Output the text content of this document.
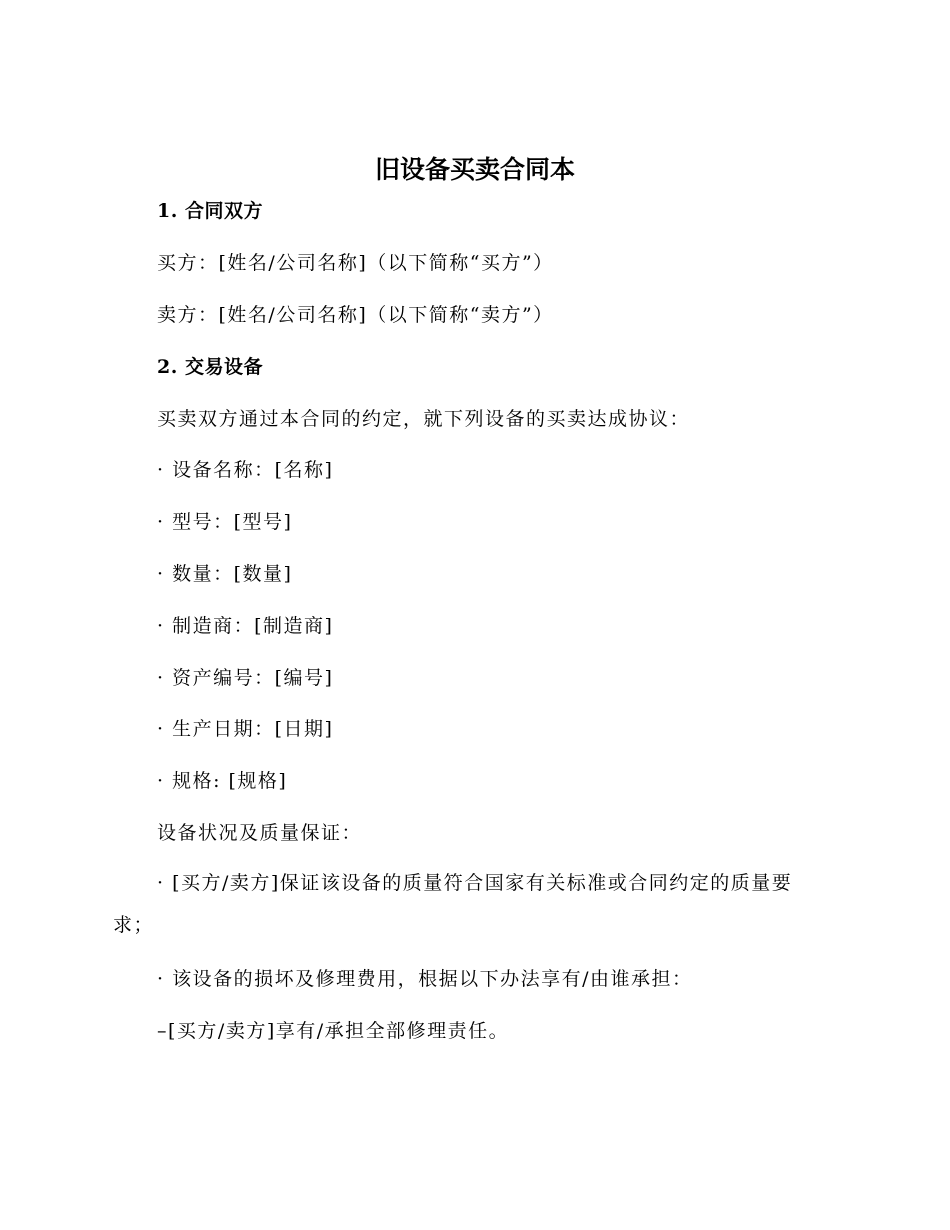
旧设备买卖合同本
1. 合同双方
买方：[姓名/公司名称]（以下简称“买方”）
卖方：[姓名/公司名称]（以下简称“卖方”）
2. 交易设备
买卖双方通过本合同的约定，就下列设备的买卖达成协议：
· 设备名称：[名称]
· 型号：[型号]
· 数量：[数量]
· 制造商：[制造商]
· 资产编号：[编号]
· 生产日期：[日期]
· 规格: [规格]
设备状况及质量保证：
· [买方/卖方]保证该设备的质量符合国家有关标准或合同约定的质量要求；
· 该设备的损坏及修理费用，根据以下办法享有/由谁承担：
–[买方/卖方]享有/承担全部修理责任。
